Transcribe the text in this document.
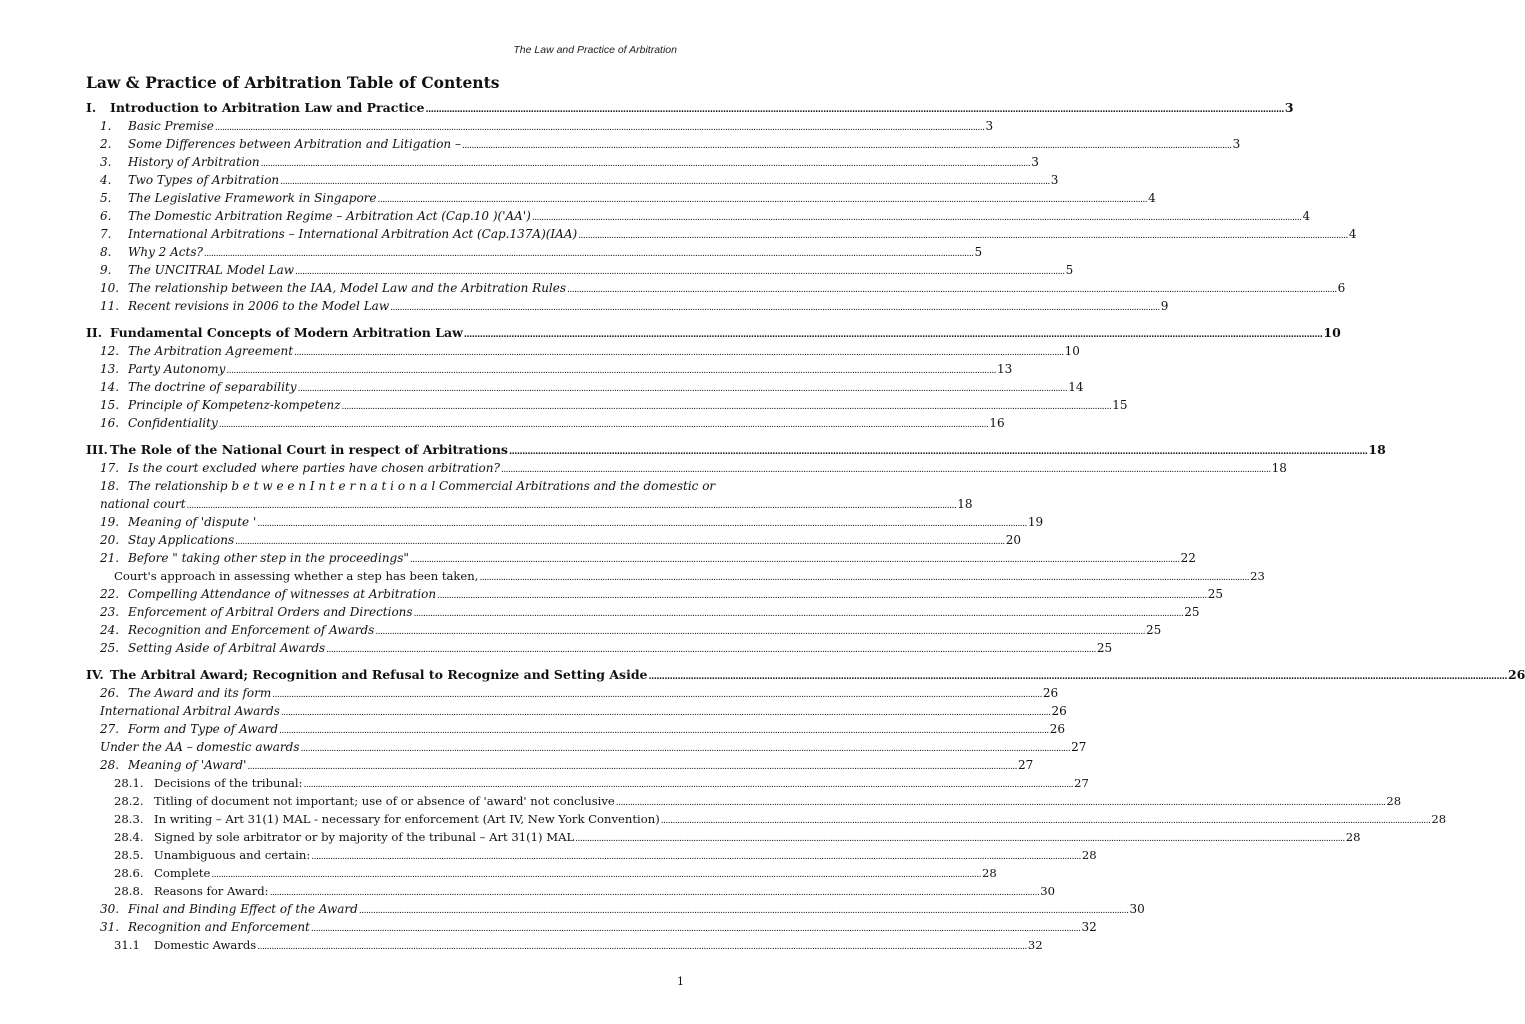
The Law and Practice of Arbitration
Law & Practice of Arbitration Table of Contents
I.	Introduction to Arbitration Law and Practice .....	3
1.	Basic Premise .....	3
2.	Some Differences between Arbitration and Litigation – .....	3
3.	History of Arbitration .....	3
4.	Two Types of Arbitration .....	3
5.	The Legislative Framework in Singapore .....	4
6.	The Domestic Arbitration Regime – Arbitration Act (Cap.10 )('AA') .....	4
7.	International Arbitrations – International Arbitration Act (Cap.137A)(IAA) .....	4
8.	Why 2 Acts? .....	5
9.	The UNCITRAL Model Law .....	5
10. The relationship between the IAA, Model Law and the Arbitration Rules .....	6
11. Recent revisions in 2006 to the Model Law .....	9
II. Fundamental Concepts of Modern Arbitration Law .....	10
12. The Arbitration Agreement .....	10
13. Party Autonomy .....	13
14. The doctrine of separability .....	14
15. Principle of Kompetenz-kompetenz .....	15
16. Confidentiality .....	16
III. The Role of the National Court in respect of Arbitrations .....	18
17. Is the court excluded where parties have chosen arbitration? .....	18
18. The relationship b e t w e e n I n t e r n a t i o n a l Commercial Arbitrations and the domestic or
national court .....	18
19. Meaning of 'dispute ' .....	19
20. Stay Applications .....	20
21. Before " taking other step in the proceedings" .....	22
Court's approach in assessing whether a step has been taken, .....	23
22. Compelling Attendance of witnesses at Arbitration .....	25
23. Enforcement of Arbitral Orders and Directions .....	25
24. Recognition and Enforcement of Awards .....	25
25. Setting Aside of Arbitral Awards .....	25
IV. The Arbitral Award; Recognition and Refusal to Recognize and Setting Aside .....	26
26. The Award and its form .....	26
International Arbitral Awards .....	26
27. Form and Type of Award .....	26
Under the AA – domestic awards .....	27
28. Meaning of 'Award' .....	27
28.1. Decisions of the tribunal: .....	27
28.2. Titling of document not important; use of or absence of 'award' not conclusive .....	28
28.3. In writing – Art 31(1) MAL - necessary for enforcement (Art IV, New York Convention) .....	28
28.4. Signed by sole arbitrator or by majority of the tribunal – Art 31(1) MAL .....	28
28.5. Unambiguous and certain: .....	28
28.6. Complete .....	28
28.8. Reasons for Award: .....	30
30. Final and Binding Effect of the Award .....	30
31. Recognition and Enforcement .....	32
31.1	Domestic Awards .....	32
1
